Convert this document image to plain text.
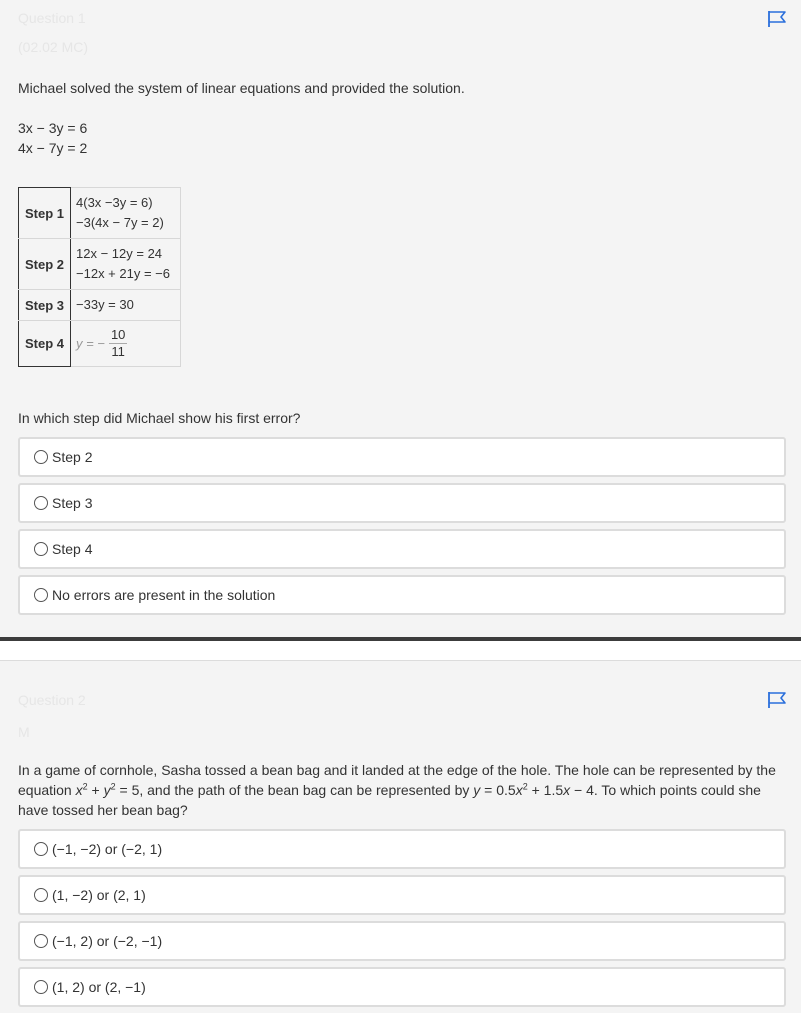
Question 1
(02.02 MC)
Michael solved the system of linear equations and provided the solution.
3x − 3y = 6
4x − 7y = 2
Step 1	4(3x −3y = 6)
−3(4x − 7y = 2)

Step 2	12x − 12y = 24
−12x + 21y = −6

Step 3	−33y = 30

Step 4	y = − $\frac{10}{11}$
In which step did Michael show his first error?
Step 2
Step 3
Step 4
No errors are present in the solution
Question 2
M
In a game of cornhole, Sasha tossed a bean bag and it landed at the edge of the hole. The hole can be represented by the equation $x^2 + y^2 = 5$, and the path of the bean bag can be represented by $y = 0.5x^2 + 1.5x - 4$. To which points could she have tossed her bean bag?
(−1, −2) or (−2, 1)
(1, −2) or (2, 1)
(−1, 2) or (−2, −1)
(1, 2) or (2, −1)
